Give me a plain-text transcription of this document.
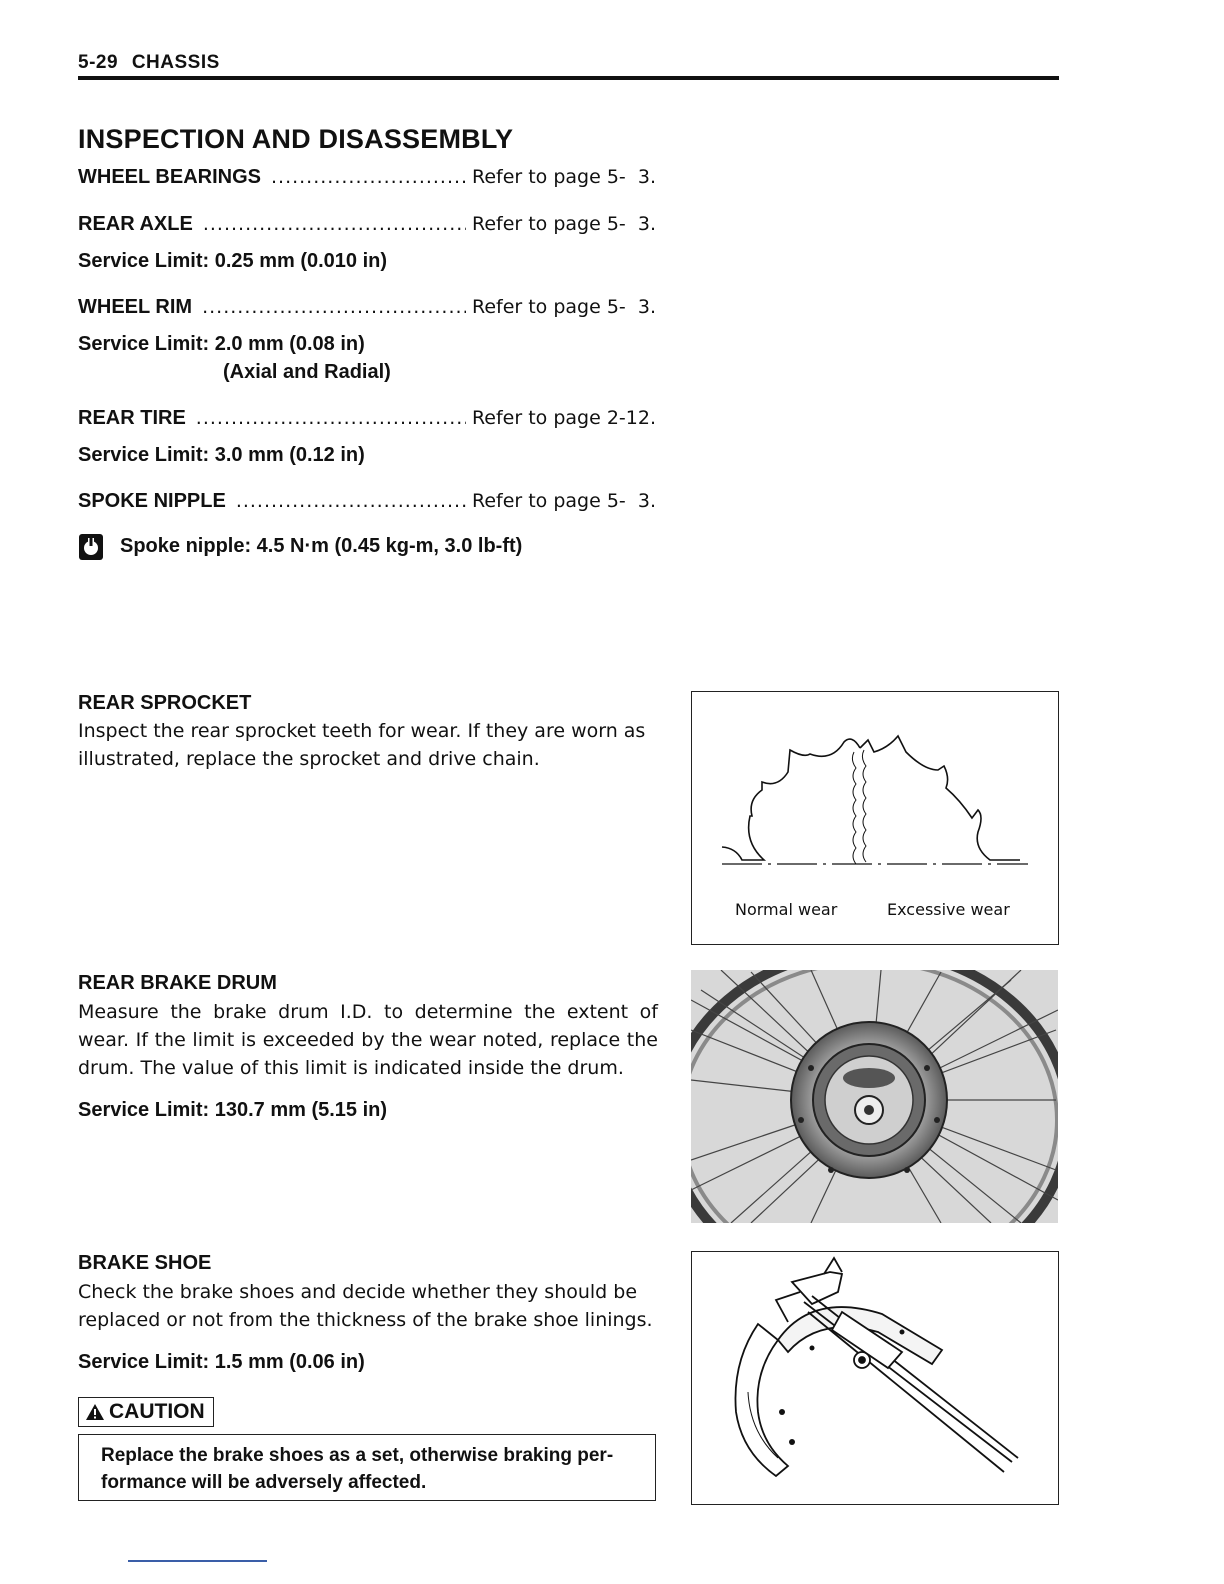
5-29 CHASSIS
INSPECTION AND DISASSEMBLY
WHEEL BEARINGS .....	Refer to page 5-  3.
REAR AXLE .....	Refer to page 5-  3.
Service Limit: 0.25 mm (0.010 in)
WHEEL RIM .....	Refer to page 5-  3.
Service Limit: 2.0 mm (0.08 in)
(Axial and Radial)
REAR TIRE .....	Refer to page 2-12.
Service Limit: 3.0 mm (0.12 in)
SPOKE NIPPLE .....	Refer to page 5-  3.
Spoke nipple: 4.5 N·m (0.45 kg-m, 3.0 lb-ft)
REAR SPROCKET
Inspect the rear sprocket teeth for wear. If they are worn as illustrated, replace the sprocket and drive chain.
Normal wear	Excessive wear
REAR BRAKE DRUM
Measure the brake drum I.D. to determine the extent of wear. If the limit is exceeded by the wear noted, replace the drum. The value of this limit is indicated inside the drum.
Service Limit: 130.7 mm (5.15 in)
BRAKE SHOE
Check the brake shoes and decide whether they should be replaced or not from the thickness of the brake shoe linings.
Service Limit: 1.5 mm (0.06 in)
CAUTION
Replace the brake shoes as a set, otherwise braking per-formance will be adversely affected.
